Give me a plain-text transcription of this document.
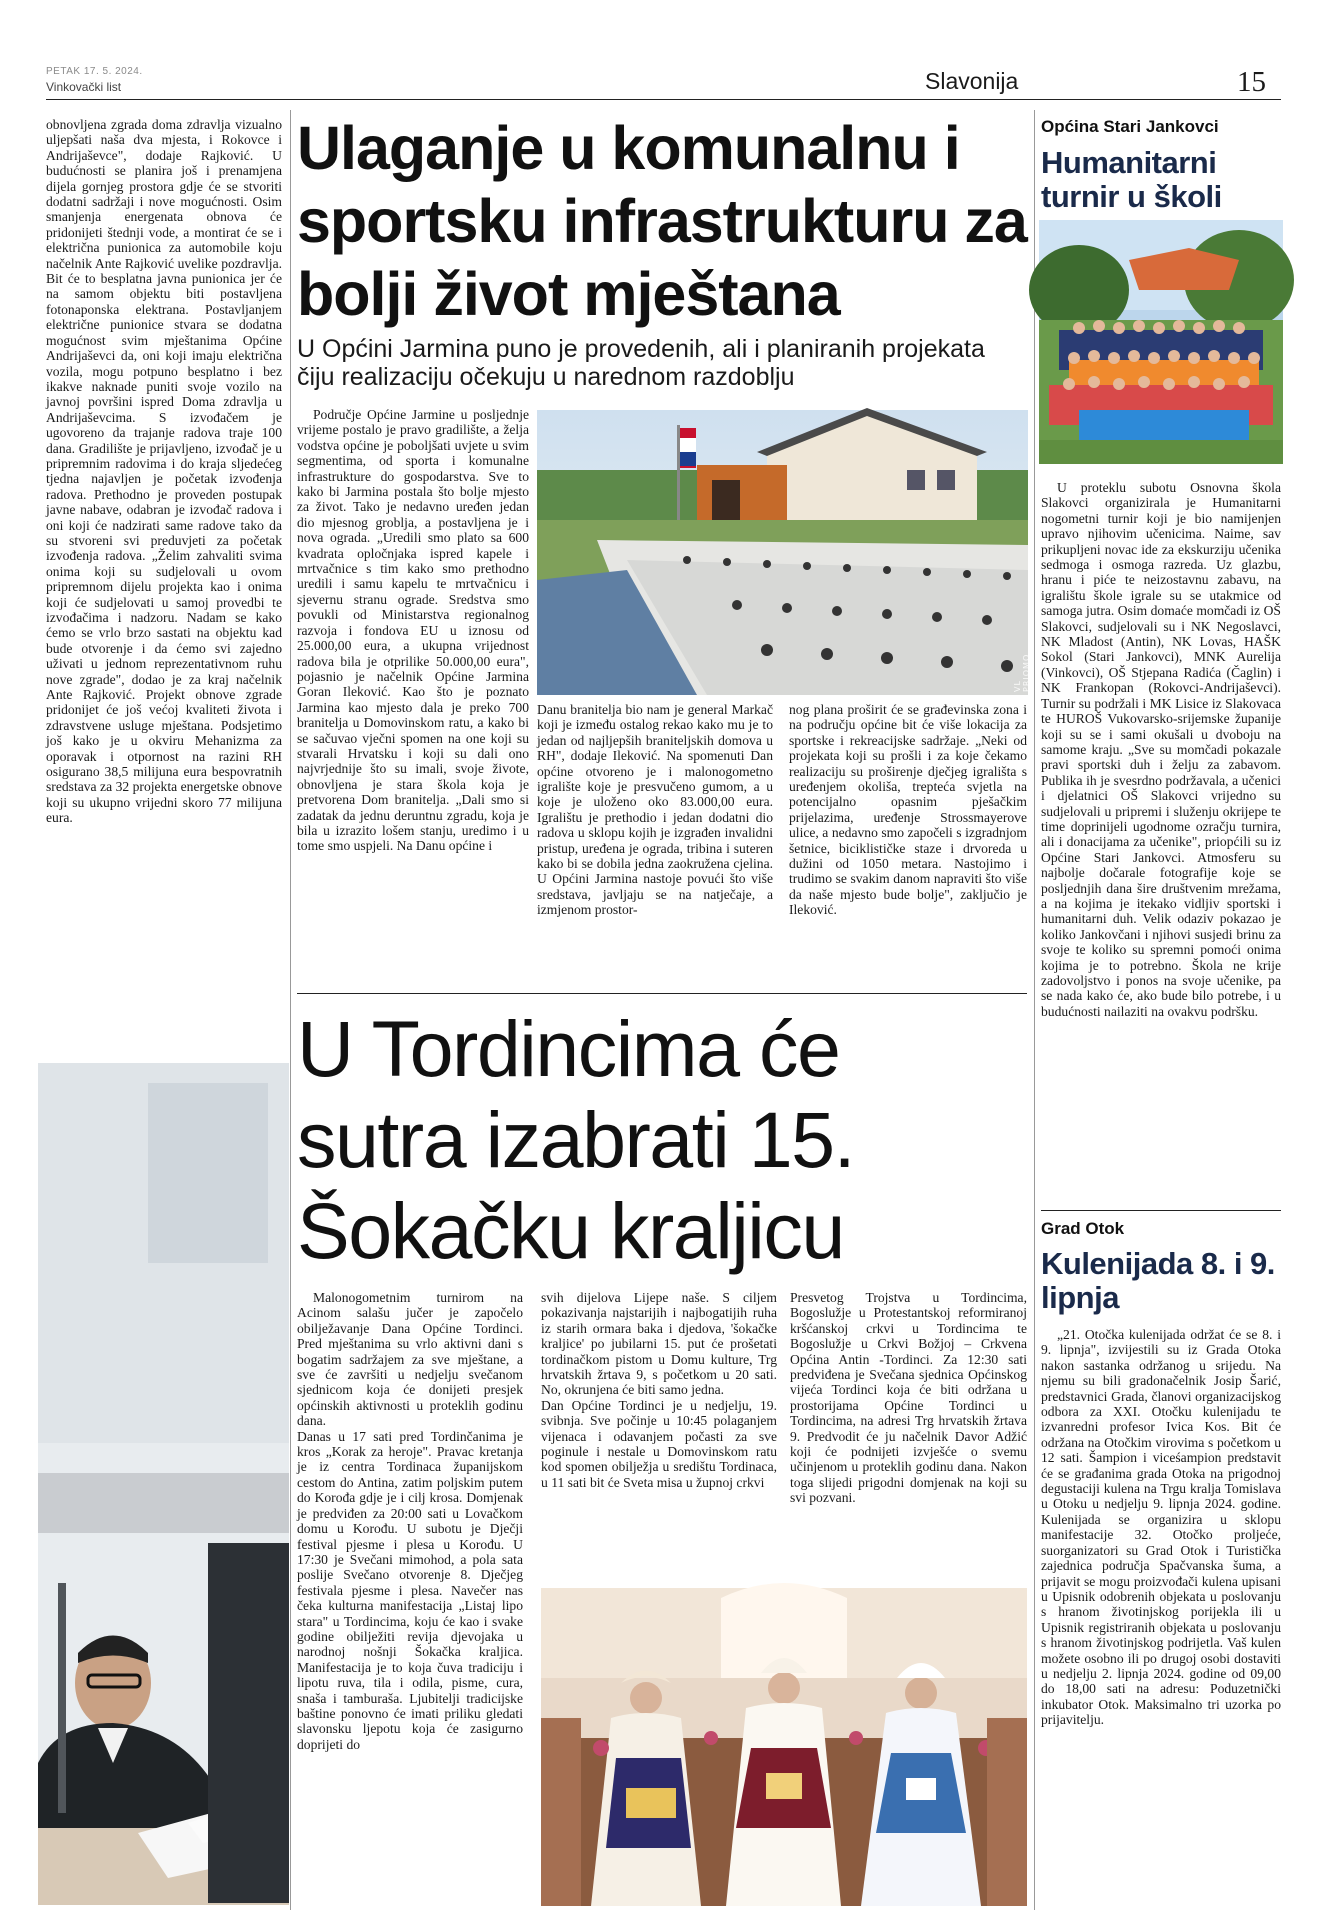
PETAK 17. 5. 2024.
Vinkovački list	Slavonija	15

obnovljena zgrada doma zdravlja vizualno uljepšati naša dva mjesta, i Rokovce i Andrijaševce", dodaje Rajković. U budućnosti se planira još i prenamjena dijela gornjeg prostora gdje će se stvoriti dodatni sadržaji i nove mogućnosti. Osim smanjenja energenata obnova će pridonijeti štednji vode, a montirat će se i električna punionica za automobile koju načelnik Ante Rajković uvelike pozdravlja. Bit će to besplatna javna punionica jer će na samom objektu biti postavljena fotonaponska elektrana. Postavljanjem električne punionice stvara se dodatna mogućnost svim mještanima Općine Andrijaševci da, oni koji imaju električna vozila, mogu potpuno besplatno i bez ikakve naknade puniti svoje vozilo na javnoj površini ispred Doma zdravlja u Andrijaševcima. S izvođačem je ugovoreno da trajanje radova traje 100 dana. Gradilište je prijavljeno, izvođač je u pripremnim radovima i do kraja sljedećeg tjedna najavljen je početak izvođenja radova. Prethodno je proveden postupak javne nabave, odabran je izvođač radova i oni koji će nadzirati same radove tako da su stvoreni svi preduvjeti za početak izvođenja radova. „Želim zahvaliti svima onima koji su sudjelovali u ovom pripremnom dijelu projekta kao i onima koji će sudjelovati u samoj provedbi te izvođačima i nadzoru. Nadam se kako ćemo se vrlo brzo sastati na objektu kad bude otvorenje i da ćemo svi zajedno uživati u jednom reprezentativnom ruhu nove zgrade", dodao je za kraj načelnik Ante Rajković. Projekt obnove zgrade pridonijet će još većoj kvaliteti života i zdravstvene usluge mještana. Podsjetimo još kako je u okviru Mehanizma za oporavak i otpornost na razini RH osigurano 38,5 milijuna eura bespovratnih sredstava za 32 projekta energetske obnove koji su ukupno vrijedni skoro 77 milijuna eura.

Ulaganje u komunalnu i sportsku infrastrukturu za bolji život mještana
U Općini Jarmina puno je provedenih, ali i planiranih projekata čiju realizaciju očekuju u narednom razdoblju

Područje Općine Jarmine u posljednje vrijeme postalo je pravo gradilište, a želja vodstva općine je poboljšati uvjete u svim segmentima, od sporta i komunalne infrastrukture do gospodarstva. Sve to kako bi Jarmina postala što bolje mjesto za život. Tako je nedavno uređen jedan dio mjesnog groblja, a postavljena je i nova ograda. „Uredili smo plato sa 600 kvadrata opločnjaka ispred kapele i mrtvačnice s tim kako smo prethodno uredili i samu kapelu te mrtvačnicu i sjevernu stranu ograde. Sredstva smo povukli od Ministarstva regionalnog razvoja i fondova EU u iznosu od 25.000,00 eura, a ukupna vrijednost radova bila je otprilike 50.000,00 eura", pojasnio je načelnik Općine Jarmina Goran Ileković. Kao što je poznato Jarmina kao mjesto dala je preko 700 branitelja u Domovinskom ratu, a kako bi se sačuvao vječni spomen na one koji su stvarali Hrvatsku i koji su dali ono najvrjednije što su imali, svoje živote, obnovljena je stara škola koja je pretvorena Dom branitelja. „Dali smo si zadatak da jednu deruntnu zgradu, koja je bila u izrazito lošem stanju, uredimo i u tome smo uspjeli. Na Danu općine i

VL PRIOMO

Danu branitelja bio nam je general Markač koji je između ostalog rekao kako mu je to jedan od najljepših braniteljskih domova u RH", dodaje Ileković. Na spomenuti Dan općine otvoreno je i malonogometno igralište koje je presvučeno gumom, a u koje je uloženo oko 83.000,00 eura. Igralištu je prethodio i jedan dodatni dio radova u sklopu kojih je izgrađen invalidni pristup, uređena je ograda, tribina i suteren kako bi se dobila jedna zaokružena cjelina. U Općini Jarmina nastoje povući što više sredstava, javljaju se na natječaje, a izmjenom prostor-

nog plana proširit će se građevinska zona i na području općine bit će više lokacija za sportske i rekreacijske sadržaje. „Neki od projekata koji su prošli i za koje čekamo realizaciju su proširenje dječjeg igrališta s uređenjem okoliša, trepteća svjetla na potencijalno opasnim pješačkim prijelazima, uređenje Strossmayerove ulice, a nedavno smo započeli s izgradnjom šetnice, biciklističke staze i drvoreda u dužini od 1050 metara. Nastojimo i trudimo se svakim danom napraviti što više da naše mjesto bude bolje", zaključio je Ileković.

U Tordincima će sutra izabrati 15. Šokačku kraljicu

Malonogometnim turnirom na Acinom salašu jučer je započelo obilježavanje Dana Općine Tordinci. Pred mještanima su vrlo aktivni dani s bogatim sadržajem za sve mještane, a sve će završiti u nedjelju svečanom sjednicom koja će donijeti presjek općinskih aktivnosti u proteklih godinu dana.
Danas u 17 sati pred Tordinčanima je kros „Korak za heroje". Pravac kretanja je iz centra Tordinaca županijskom cestom do Antina, zatim poljskim putem do Korođa gdje je i cilj krosa. Domjenak je predviđen za 20:00 sati u Lovačkom domu u Korođu. U subotu je Dječji festival pjesme i plesa u Korođu. U 17:30 je Svečani mimohod, a pola sata poslije Svečano otvorenje 8. Dječjeg festivala pjesme i plesa. Navečer nas čeka kulturna manifestacija „Listaj lipo stara" u Tordincima, koju će kao i svake godine obilježiti revija djevojaka u narodnoj nošnji Šokačka kraljica. Manifestacija je to koja čuva tradiciju i lipotu ruva, tila i odila, pisme, cura, snaša i tamburaša. Ljubitelji tradicijske baštine ponovno će imati priliku gledati slavonsku ljepotu koja će zasigurno doprijeti do

svih dijelova Lijepe naše. S ciljem pokazivanja najstarijih i najbogatijih ruha iz starih ormara baka i djedova, 'šokačke kraljice' po jubilarni 15. put će prošetati tordinačkom pistom u Domu kulture, Trg hrvatskih žrtava 9, s početkom u 20 sati. No, okrunjena će biti samo jedna.
Dan Općine Tordinci je u nedjelju, 19. svibnja. Sve počinje u 10:45 polaganjem vijenaca i odavanjem počasti za sve poginule i nestale u Domovinskom ratu kod spomen obilježja u središtu Tordinaca, u 11 sati bit će Sveta misa u župnoj crkvi

Presvetog Trojstva u Tordincima, Bogoslužje u Protestantskoj reformiranoj kršćanskoj crkvi u Tordincima te Bogoslužje u Crkvi Božjoj – Crkvena Općina Antin -Tordinci. Za 12:30 sati predviđena je Svečana sjednica Općinskog vijeća Tordinci koja će biti održana u prostorijama Općine Tordinci u Tordincima, na adresi Trg hrvatskih žrtava 9. Predvodit će ju načelnik Davor Adžić koji će podnijeti izvješće o svemu učinjenom u proteklih godinu dana. Nakon toga slijedi prigodni domjenak na koji su svi pozvani.

VL PRIOMO
Općina Stari Jankovci
Humanitarni turnir u školi

U proteklu subotu Osnovna škola Slakovci organizirala je Humanitarni nogometni turnir koji je bio namijenjen upravo njihovim učenicima. Naime, sav prikupljeni novac ide za ekskurziju učenika sedmoga i osmoga razreda. Uz glazbu, hranu i piće te neizostavnu zabavu, na igralištu škole igrale su se utakmice od samoga jutra. Osim domaće momčadi iz OŠ Slakovci, sudjelovali su i NK Negoslavci, NK Mladost (Antin), NK Lovas, HAŠK Sokol (Stari Jankovci), MNK Aurelija (Vinkovci), OŠ Stjepana Radića (Čaglin) i NK Frankopan (Rokovci-Andrijaševci). Turnir su podržali i MK Lisice iz Slakovaca te HUROŠ Vukovarsko-srijemske županije koji su se i sami okušali u dvoboju na samome kraju. „Sve su momčadi pokazale pravi sportski duh i želju za zabavom. Publika ih je svesrdno podržavala, a učenici i djelatnici OŠ Slakovci vrijedno su sudjelovali u pripremi i služenju okrijepe te time doprinijeli ugodnome ozračju turnira, ali i donacijama za učenike", priopćili su iz Općine Stari Jankovci. Atmosferu su najbolje dočarale fotografije koje se posljednjih dana šire društvenim mrežama, a na kojima je itekako vidljiv sportski i humanitarni duh. Velik odaziv pokazao je koliko Jankovčani i njihovi susjedi brinu za svoje te koliko su spremni pomoći onima kojima je to potrebno. Škola ne krije zadovoljstvo i ponos na svoje učenike, pa se nada kako će, ako bude bilo potrebe, i u budućnosti nailaziti na ovakvu podršku.

Grad Otok
Kulenijada 8. i 9. lipnja

„21. Otočka kulenijada održat će se 8. i 9. lipnja", izvijestili su iz Grada Otoka nakon sastanka održanog u srijedu. Na njemu su bili gradonačelnik Josip Šarić, predstavnici Grada, članovi organizacijskog odbora za XXI. Otočku kulenijadu te izvanredni profesor Ivica Kos. Bit će održana na Otočkim virovima s početkom u 12 sati. Šampion i viceśampion predstavit će se građanima grada Otoka na prigodnoj degustaciji kulena na Trgu kralja Tomislava u Otoku u nedjelju 9. lipnja 2024. godine. Kulenijada se organizira u sklopu manifestacije 32. Otočko proljeće, suorganizatori su Grad Otok i Turistička zajednica područja Spačvanska šuma, a prijavit se mogu proizvođači kulena upisani u Upisnik odobrenih objekata u poslovanju s hranom životinjskog porijekla ili u Upisnik registriranih objekata u poslovanju s hranom životinjskog podrijetla. Vaš kulen možete osobno ili po drugoj osobi dostaviti u nedjelju 2. lipnja 2024. godine od 09,00 do 18,00 sati na adresu: Poduzetnički inkubator Otok. Maksimalno tri uzorka po prijavitelju.
